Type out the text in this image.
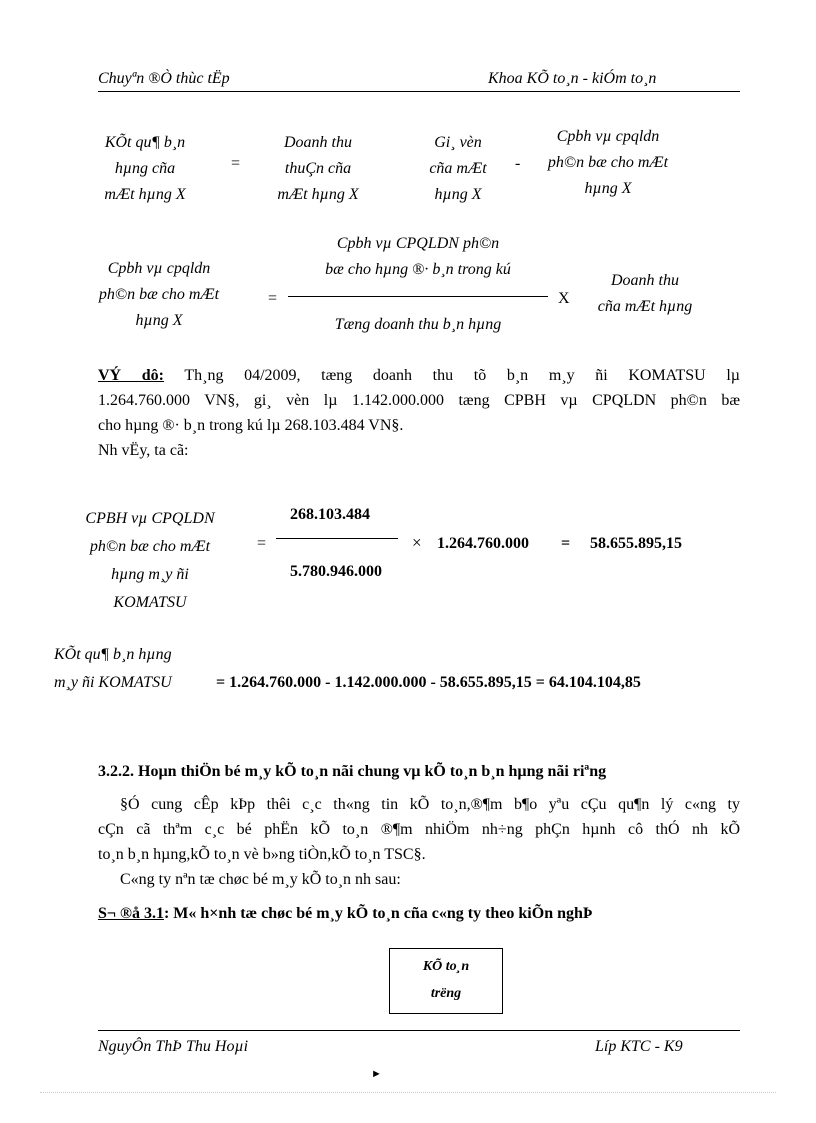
Chuyªn ®Ò thùc tËp	Khoa KÕ to¸n - kiÓm to¸n
KÕt qu¶ b¸n
hµng cña
mÆt hµng X
=
Doanh thu
thuÇn cña
mÆt hµng X
Gi¸ vèn
cña mÆt
hµng X
-
Cpbh vµ cpqldn
ph©n bæ cho mÆt
hµng X
Cpbh vµ cpqldn
ph©n bæ cho mÆt
hµng X
=
Cpbh vµ CPQLDN ph©n
bæ cho hµng ®· b¸n trong kú
Tæng doanh thu b¸n hµng
X
Doanh thu
cña mÆt hµng
VÝ dô: Th¸ng 04/2009, tæng doanh thu tõ b¸n m¸y ñi KOMATSU lµ
1.264.760.000 VN§, gi¸ vèn lµ 1.142.000.000 tæng CPBH vµ CPQLDN ph©n bæ
cho hµng ®· b¸n trong kú lµ 268.103.484 VN§.
Nh vËy, ta cã:
CPBH vµ CPQLDN
ph©n bæ cho mÆt
hµng m¸y ñi
KOMATSU
=
268.103.484
5.780.946.000
× 1.264.760.000 = 58.655.895,15
KÕt qu¶ b¸n hµng
m¸y ñi KOMATSU	= 1.264.760.000 - 1.142.000.000 - 58.655.895,15 = 64.104.104,85
3.2.2. Hoµn thiÖn bé m¸y kÕ to¸n nãi chung vµ kÕ to¸n b¸n hµng nãi riªng
§Ó cung cÊp kÞp thêi c¸c th«ng tin kÕ to¸n,®¶m b¶o yªu cÇu qu¶n lý c«ng ty
cÇn cã thªm c¸c bé phËn kÕ to¸n ®¶m nhiÖm nh÷ng phÇn hµnh cô thÓ nh kÕ
to¸n b¸n hµng,kÕ to¸n vè b»ng tiÒn,kÕ to¸n TSC§.
C«ng ty nªn tæ chøc bé m¸y kÕ to¸n nh sau:
S¬ ®å 3.1: M« h×nh tæ chøc bé m¸y kÕ to¸n cña c«ng ty theo kiÕn nghÞ
KÕ to¸n
trëng
NguyÔn ThÞ Thu Hoµi	Líp KTC - K9
►
